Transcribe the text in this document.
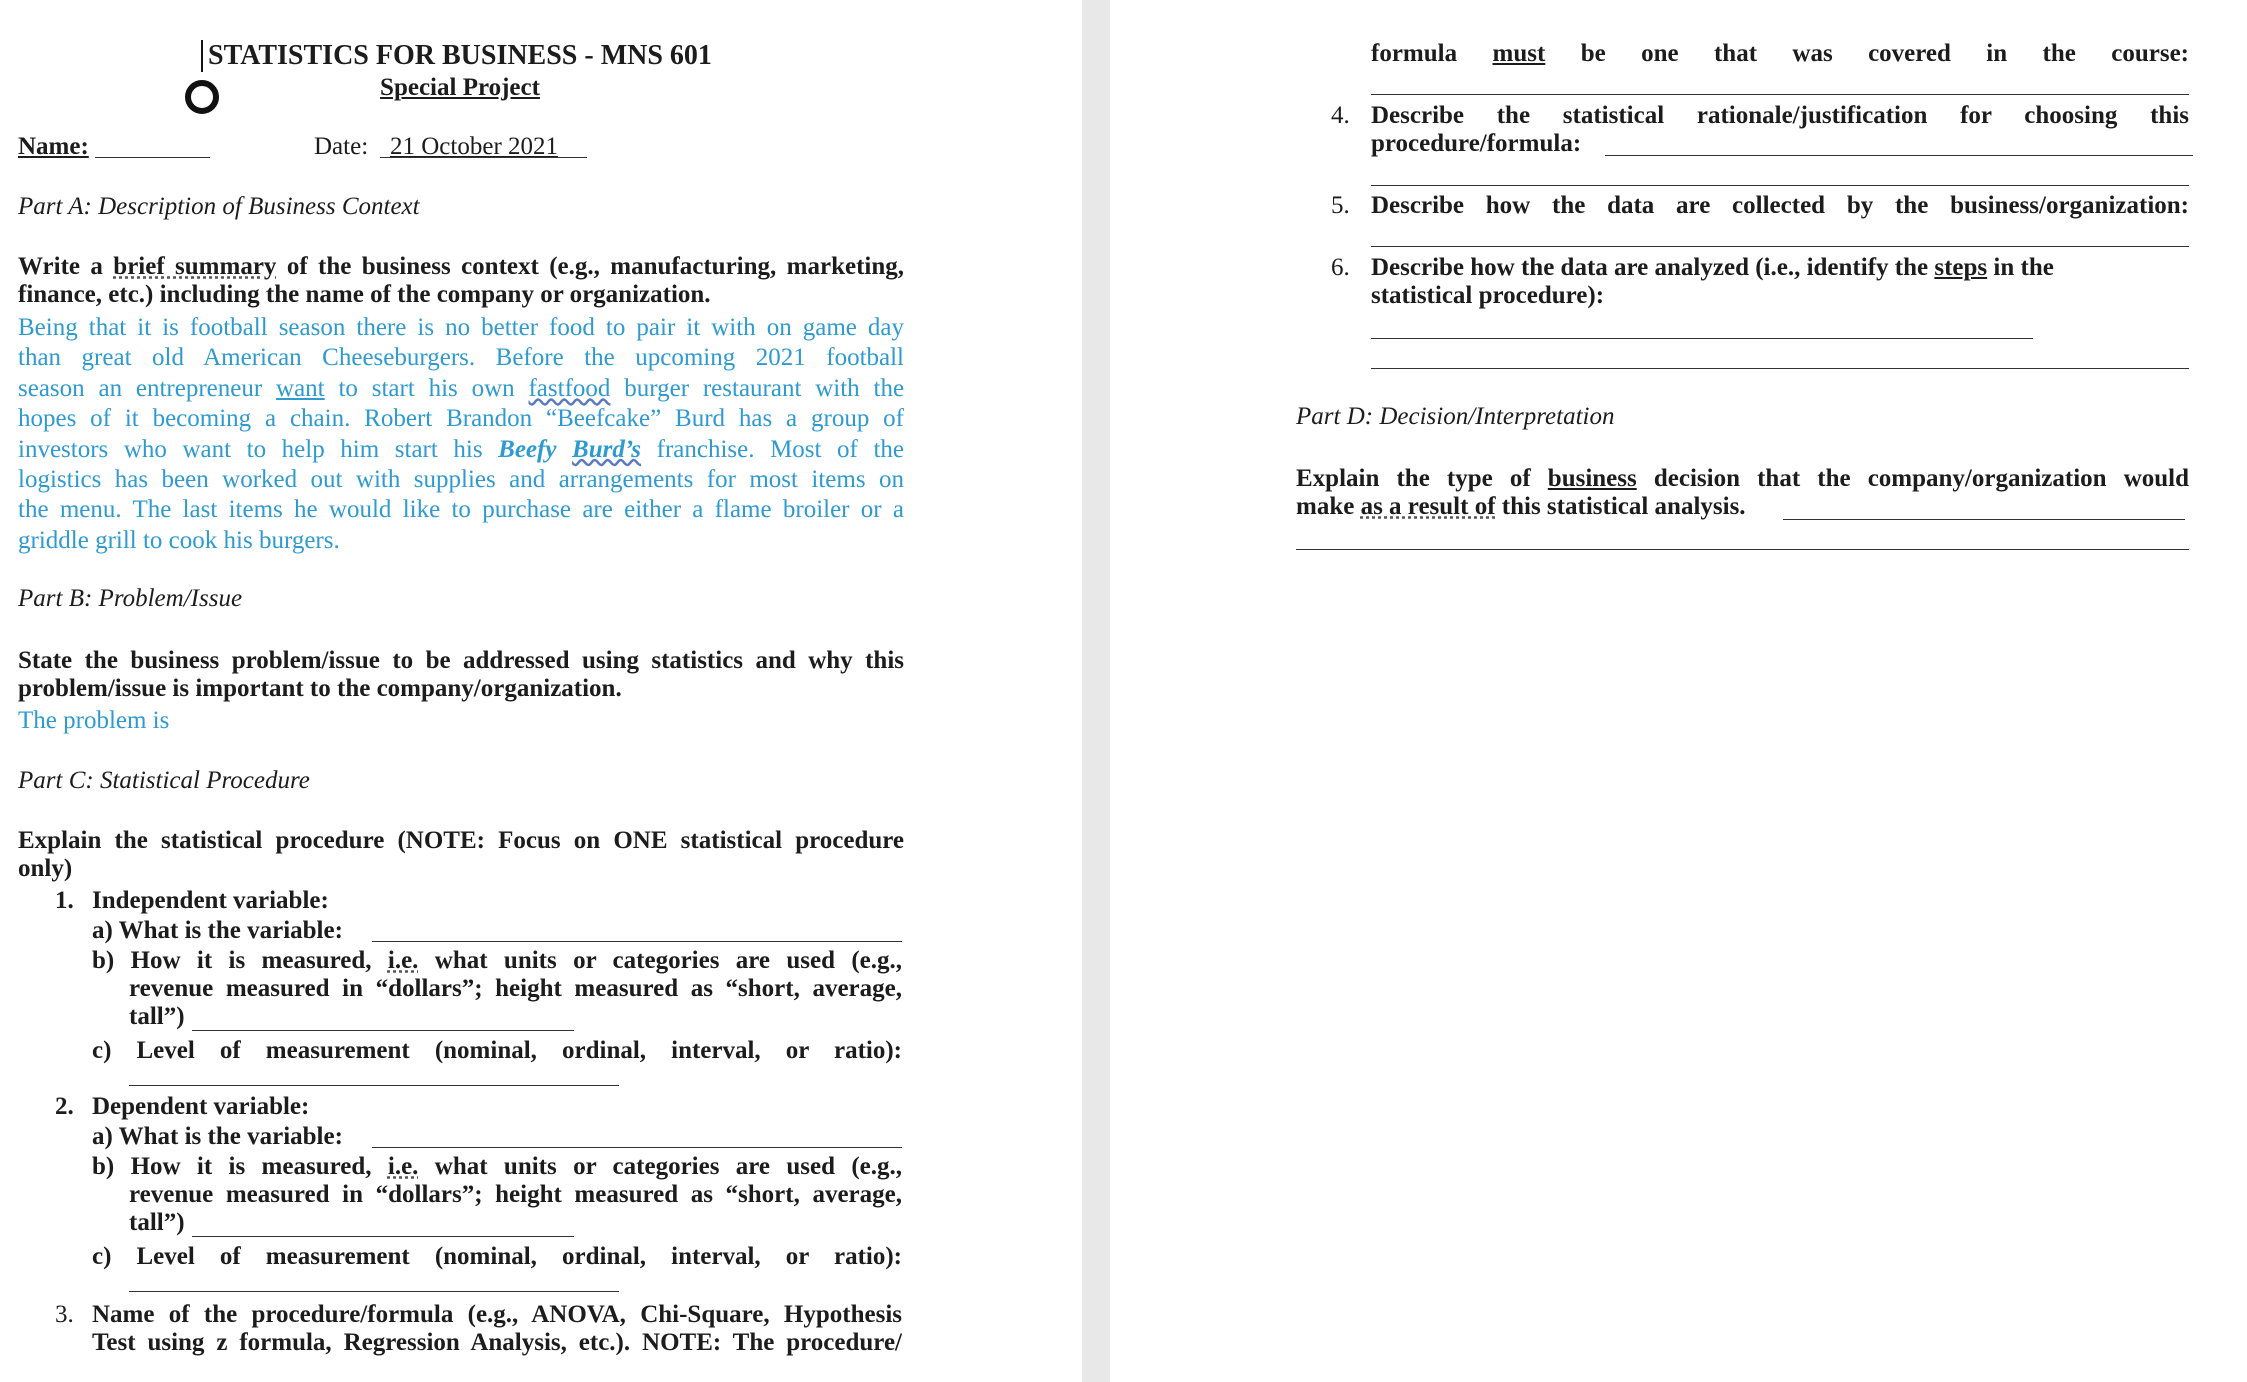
STATISTICS FOR BUSINESS - MNS 601
Special Project
Name:	Date: 21 October 2021
Part A: Description of Business Context
Write a brief summary of the business context (e.g., manufacturing, marketing,
finance, etc.) including the name of the company or organization.
Being that it is football season there is no better food to pair it with on game day
than great old American Cheeseburgers. Before the upcoming 2021 football
season an entrepreneur want to start his own fastfood burger restaurant with the
hopes of it becoming a chain. Robert Brandon “Beefcake” Burd has a group of
investors who want to help him start his Beefy Burd’s franchise. Most of the
logistics has been worked out with supplies and arrangements for most items on
the menu. The last items he would like to purchase are either a flame broiler or a
griddle grill to cook his burgers.
Part B: Problem/Issue
State the business problem/issue to be addressed using statistics and why this
problem/issue is important to the company/organization.
The problem is
Part C: Statistical Procedure
Explain the statistical procedure (NOTE: Focus on ONE statistical procedure
only)
1. Independent variable:
a) What is the variable:
b) How it is measured, i.e. what units or categories are used (e.g.,
revenue measured in “dollars”; height measured as “short, average,
tall”)
c) Level of measurement (nominal, ordinal, interval, or ratio):
2. Dependent variable:
a) What is the variable:
b) How it is measured, i.e. what units or categories are used (e.g.,
revenue measured in “dollars”; height measured as “short, average,
tall”)
c) Level of measurement (nominal, ordinal, interval, or ratio):
3. Name of the procedure/formula (e.g., ANOVA, Chi-Square, Hypothesis
Test using z formula, Regression Analysis, etc.). NOTE: The procedure/
formula must be one that was covered in the course:
4. Describe the statistical rationale/justification for choosing this
procedure/formula:
5. Describe how the data are collected by the business/organization:
6. Describe how the data are analyzed (i.e., identify the steps in the
statistical procedure):
Part D: Decision/Interpretation
Explain the type of business decision that the company/organization would
make as a result of this statistical analysis.
